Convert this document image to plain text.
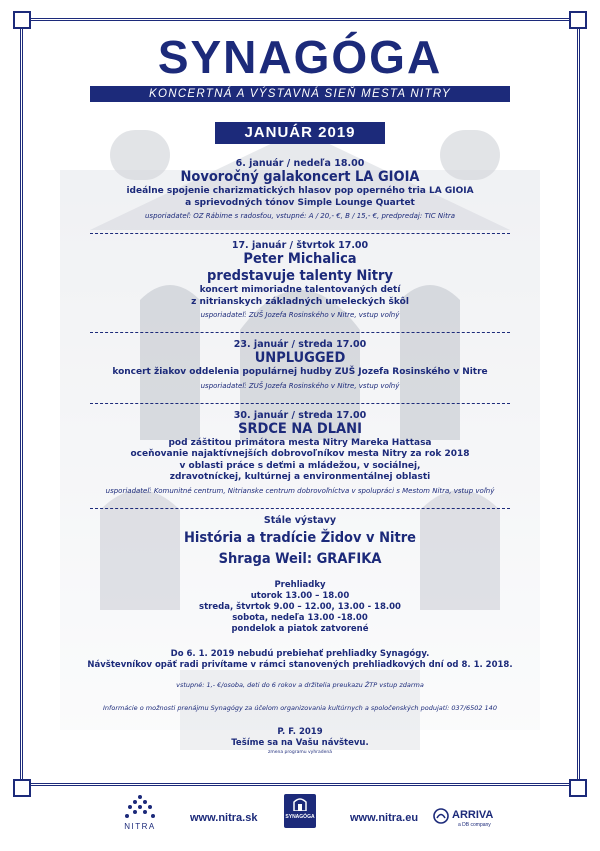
SYNAGÓGA
KONCERTNÁ A VÝSTAVNÁ SIEŇ MESTA NITRY
JANUÁR 2019
6. január / nedeľa 18.00
Novoročný galakoncert LA GIOIA
ideálne spojenie charizmatických hlasov pop operného tria LA GIOIA
a sprievodných tónov Simple Lounge Quartet
usporiadateľ: OZ Rábime s radosťou, vstupné: A / 20,- €, B / 15,- €, predpredaj: TIC Nitra
17. január / štvrtok 17.00
Peter Michalica
predstavuje talenty Nitry
koncert mimoriadne talentovaných detí
z nitrianskych základných umeleckých škôl
usporiadateľ: ZUŠ Jozefa Rosinského v Nitre, vstup voľný
23. január / streda 17.00
UNPLUGGED
koncert žiakov oddelenia populárnej hudby ZUŠ Jozefa Rosinského v Nitre
usporiadateľ: ZUŠ Jozefa Rosinského v Nitre, vstup voľný
30. január / streda 17.00
SRDCE NA DLANI
pod záštitou primátora mesta Nitry Mareka Hattasa
oceňovanie najaktívnejších dobrovoľníkov mesta Nitry za rok 2018
v oblasti práce s deťmi a mládežou, v sociálnej,
zdravotníckej, kultúrnej a environmentálnej oblasti
usporiadateľ: Komunitné centrum, Nitrianske centrum dobrovoľníctva v spolupráci s Mestom Nitra, vstup voľný
Stále výstavy
História a tradície Židov v Nitre
Shraga Weil: GRAFIKA
Prehliadky
utorok 13.00 – 18.00
streda, štvrtok 9.00 – 12.00, 13.00 - 18.00
sobota, nedeľa 13.00 -18.00
pondelok a piatok zatvorené
Do 6. 1. 2019 nebudú prebiehať prehliadky Synagógy.
Návštevníkov opäť radi privítame v rámci stanovených prehliadkových dní od 8. 1. 2018.
vstupné: 1,- €/osoba, deti do 6 rokov a držitelia preukazu ŽTP vstup zdarma
Informácie o možnosti prenájmu Synagógy za účelom organizovania kultúrnych a spoločenských podujatí: 037/6502 140
P. F. 2019
Tešíme sa na Vašu návštevu.
zmena programu vyhradená
NITRA
www.nitra.sk	SYNAGÓGA	www.nitra.eu	ARRIVA
a DB company
